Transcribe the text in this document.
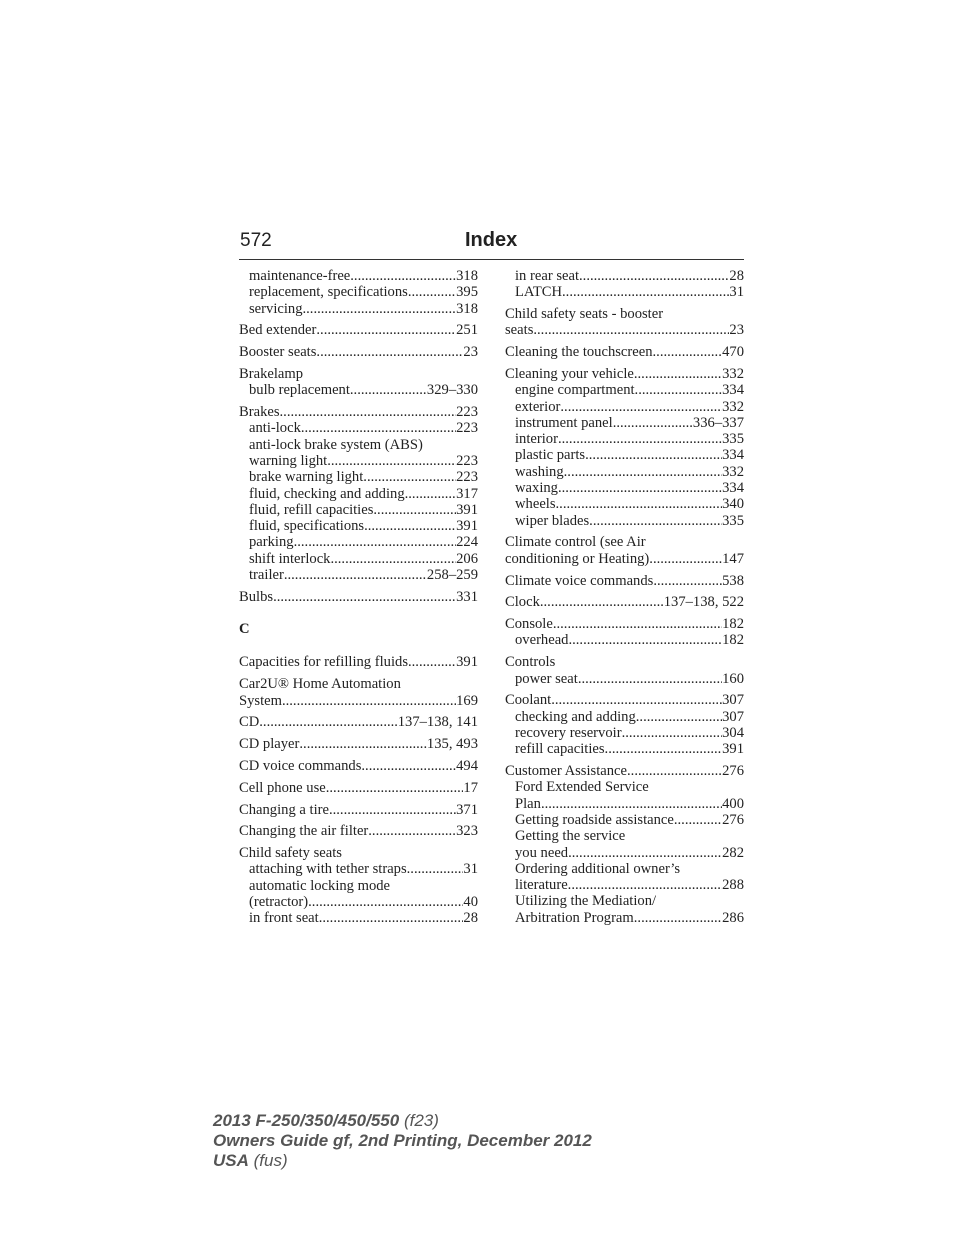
572	Index
maintenance-free .....	318
replacement, specifications .....	395
servicing .....	318
Bed extender .....	251
Booster seats .....	23
Brakelamp
bulb replacement .....	329–330
Brakes .....	223
anti-lock .....	223
anti-lock brake system (ABS)
warning light .....	223
brake warning light .....	223
fluid, checking and adding .....	317
fluid, refill capacities .....	391
fluid, specifications .....	391
parking .....	224
shift interlock .....	206
trailer .....	258–259
Bulbs .....	331
C
Capacities for refilling fluids .....	391
Car2U® Home Automation
System .....	169
CD .....	137–138, 141
CD player .....	135, 493
CD voice commands .....	494
Cell phone use .....	17
Changing a tire .....	371
Changing the air filter .....	323
Child safety seats
attaching with tether straps .....	31
automatic locking mode
(retractor) .....	40
in front seat .....	28
in rear seat .....	28
LATCH .....	31
Child safety seats - booster
seats .....	23
Cleaning the touchscreen .....	470
Cleaning your vehicle .....	332
engine compartment .....	334
exterior .....	332
instrument panel .....	336–337
interior .....	335
plastic parts .....	334
washing .....	332
waxing .....	334
wheels .....	340
wiper blades .....	335
Climate control (see Air
conditioning or Heating) .....	147
Climate voice commands .....	538
Clock .....	137–138, 522
Console .....	182
overhead .....	182
Controls
power seat .....	160
Coolant .....	307
checking and adding .....	307
recovery reservoir .....	304
refill capacities .....	391
Customer Assistance .....	276
Ford Extended Service
Plan .....	400
Getting roadside assistance .....	276
Getting the service
you need .....	282
Ordering additional owner’s
literature .....	288
Utilizing the Mediation/
Arbitration Program .....	286
2013 F-250/350/450/550 (f23)
Owners Guide gf, 2nd Printing, December 2012
USA (fus)
